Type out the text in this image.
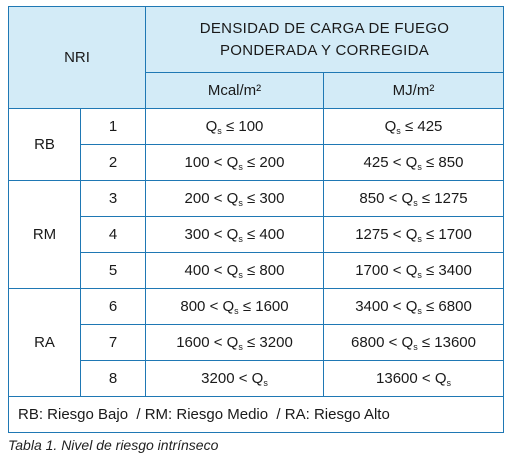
NRI		DENSIDAD DE CARGA DE FUEGO
PONDERADA Y CORREGIDA	

		Mcal/m²	MJ/m²
RB	1	$Q_s \le 100$	$Q_s \le 425$
	2	$100 < Q_s \le 200$	$425 < Q_s \le 850$
RM	3	$200 < Q_s \le 300$	$850 < Q_s \le 1275$
	4	$300 < Q_s \le 400$	$1275 < Q_s \le 1700$
	5	$400 < Q_s \le 800$	$1700 < Q_s \le 3400$
RA	6	$800 < Q_s \le 1600$	$3400 < Q_s \le 6800$
	7	$1600 < Q_s \le 3200$	$6800 < Q_s \le 13600$
	8	$3200 < Q_s$	$13600 < Q_s$
RB: Riesgo Bajo  / RM: Riesgo Medio  / RA: Riesgo Alto			
Tabla 1. Nivel de riesgo intrínseco
